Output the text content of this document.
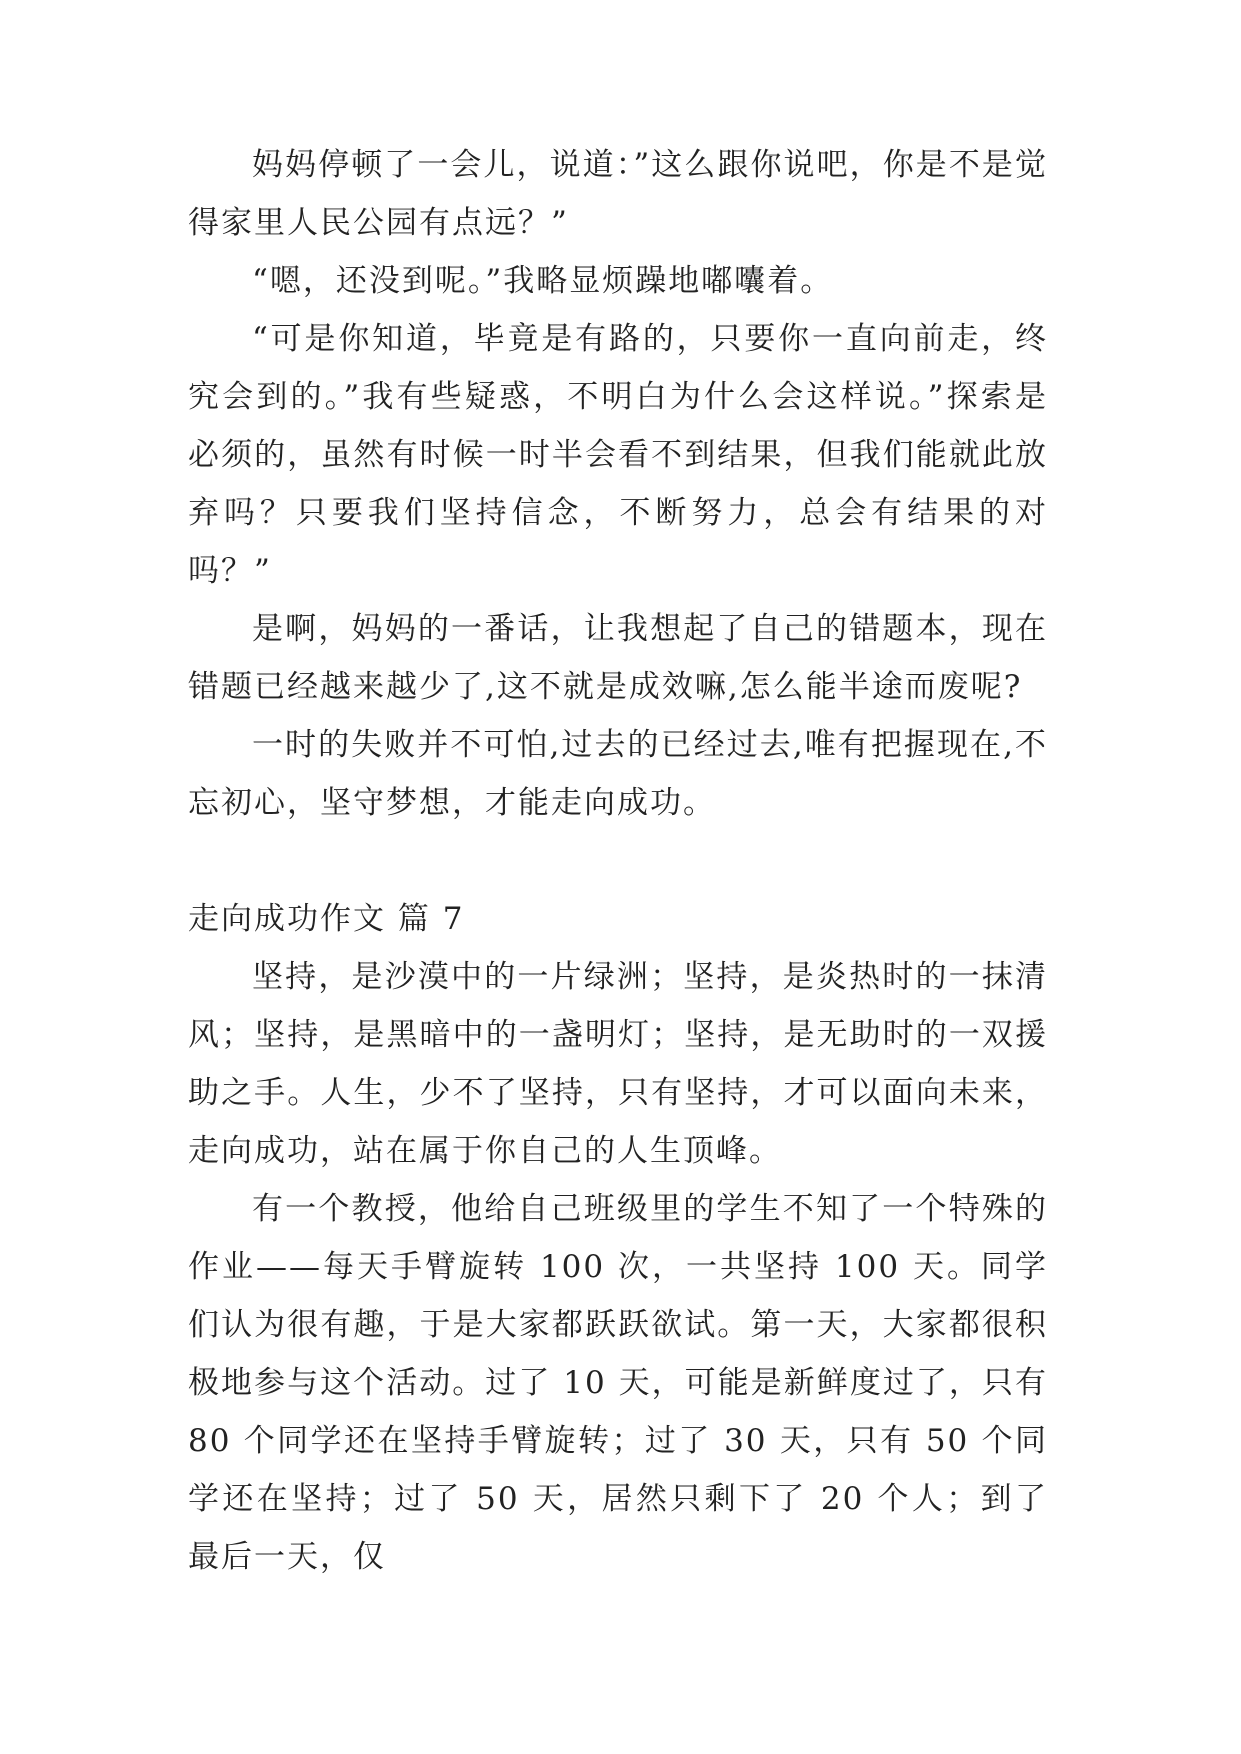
妈妈停顿了一会儿，说道：”这么跟你说吧，你是不是觉得家里人民公园有点远？”

“嗯，还没到呢。”我略显烦躁地嘟囔着。

“可是你知道，毕竟是有路的，只要你一直向前走，终究会到的。”我有些疑惑，不明白为什么会这样说。”探索是必须的，虽然有时候一时半会看不到结果，但我们能就此放弃吗？只要我们坚持信念，不断努力，总会有结果的对吗？”

是啊，妈妈的一番话，让我想起了自己的错题本，现在错题已经越来越少了,这不就是成效嘛,怎么能半途而废呢?

一时的失败并不可怕,过去的已经过去,唯有把握现在,不忘初心，坚守梦想，才能走向成功。

走向成功作文 篇 7

坚持，是沙漠中的一片绿洲；坚持，是炎热时的一抹清风；坚持，是黑暗中的一盏明灯；坚持，是无助时的一双援助之手。人生，少不了坚持，只有坚持，才可以面向未来，走向成功，站在属于你自己的人生顶峰。

有一个教授，他给自己班级里的学生不知了一个特殊的作业——每天手臂旋转 100 次，一共坚持 100 天。同学们认为很有趣，于是大家都跃跃欲试。第一天，大家都很积极地参与这个活动。过了 10 天，可能是新鲜度过了，只有 80 个同学还在坚持手臂旋转；过了 30 天，只有 50 个同学还在坚持；过了 50 天，居然只剩下了 20 个人；到了最后一天，仅
